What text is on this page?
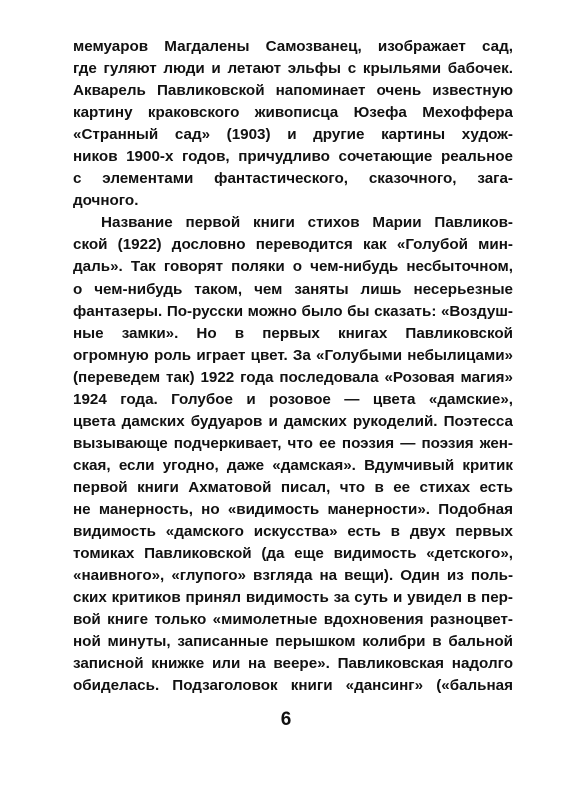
мемуаров Магдалены Самозванец, изображает сад,
где гуляют люди и летают эльфы с крыльями бабочек.
Акварель Павликовской напоминает очень известную
картину краковского живописца Юзефа Мехоффера
«Странный сад» (1903) и другие картины худож-
ников 1900-х годов, причудливо сочетающие реальное
с элементами фантастического, сказочного, зага-
дочного.
Название первой книги стихов Марии Павликов-
ской (1922) дословно переводится как «Голубой мин-
даль». Так говорят поляки о чем-нибудь несбыточном,
о чем-нибудь таком, чем заняты лишь несерьезные
фантазеры. По-русски можно было бы сказать: «Воздуш-
ные замки». Но в первых книгах Павликовской
огромную роль играет цвет. За «Голубыми небылицами»
(переведем так) 1922 года последовала «Розовая магия»
1924 года. Голубое и розовое — цвета «дамские»,
цвета дамских будуаров и дамских рукоделий. Поэтесса
вызывающе подчеркивает, что ее поэзия — поэзия жен-
ская, если угодно, даже «дамская». Вдумчивый критик
первой книги Ахматовой писал, что в ее стихах есть
не манерность, но «видимость манерности». Подобная
видимость «дамского искусства» есть в двух первых
томиках Павликовской (да еще видимость «детского»,
«наивного», «глупого» взгляда на вещи). Один из поль-
ских критиков принял видимость за суть и увидел в пер-
вой книге только «мимолетные вдохновения разноцвет-
ной минуты, записанные перышком колибри в бальной
записной книжке или на веере». Павликовская надолго
обиделась. Подзаголовок книги «дансинг» («бальная
6
